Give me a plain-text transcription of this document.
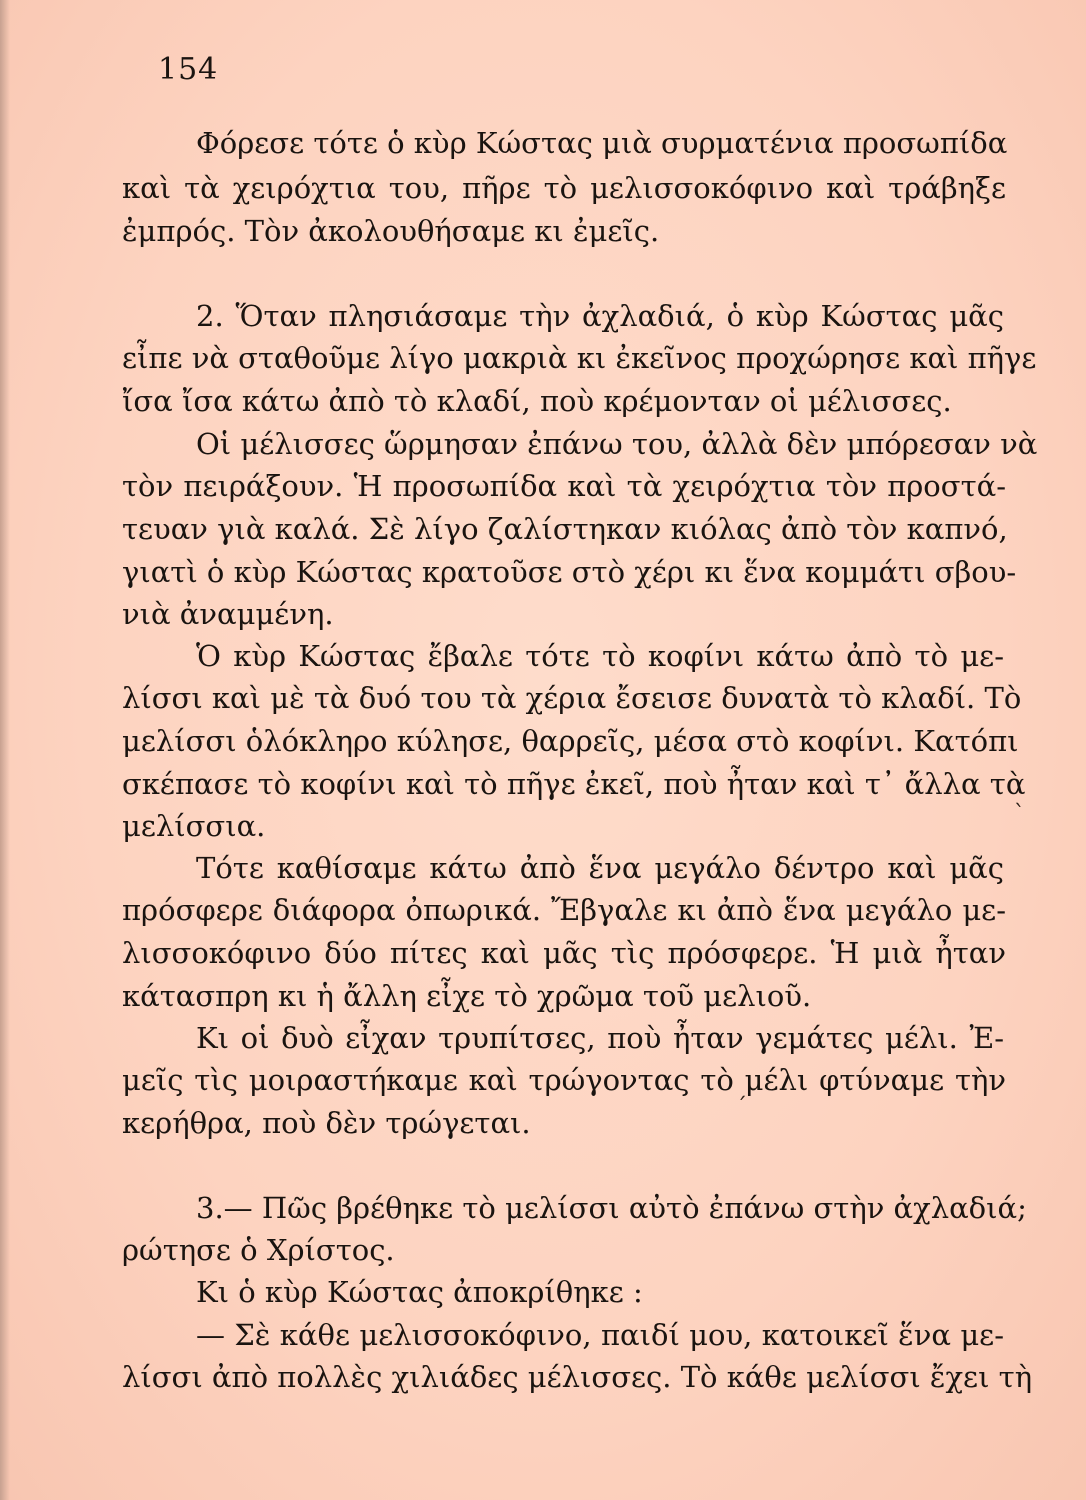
154
Φόρεσε τότε ὁ κὺρ Κώστας μιὰ συρματένια προσωπίδα
καὶ τὰ χειρόχτια του, πῆρε τὸ μελισσοκόφινο καὶ τράβηξε
ἐμπρός. Τὸν ἀκολουθήσαμε κι ἐμεῖς.
2. Ὅταν πλησιάσαμε τὴν ἀχλαδιά, ὁ κὺρ Κώστας μᾶς
εἶπε νὰ σταθοῦμε λίγο μακριὰ κι ἐκεῖνος προχώρησε καὶ πῆγε
ἴσα ἴσα κάτω ἀπὸ τὸ κλαδί, ποὺ κρέμονταν οἱ μέλισσες.
Οἱ μέλισσες ὥρμησαν ἐπάνω του, ἀλλὰ δὲν μπόρεσαν νὰ
τὸν πειράξουν. Ἡ προσωπίδα καὶ τὰ χειρόχτια τὸν προστά-
τευαν γιὰ καλά. Σὲ λίγο ζαλίστηκαν κιόλας ἀπὸ τὸν καπνό,
γιατὶ ὁ κὺρ Κώστας κρατοῦσε στὸ χέρι κι ἕνα κομμάτι σβου-
νιὰ ἀναμμένη.
Ὁ κὺρ Κώστας ἔβαλε τότε τὸ κοφίνι κάτω ἀπὸ τὸ με-
λίσσι καὶ μὲ τὰ δυό του τὰ χέρια ἔσεισε δυνατὰ τὸ κλαδί. Τὸ
μελίσσι ὁλόκληρο κύλησε, θαρρεῖς, μέσα στὸ κοφίνι. Κατόπι
σκέπασε τὸ κοφίνι καὶ τὸ πῆγε ἐκεῖ, ποὺ ἦταν καὶ τ᾿ ἄλλα τὰ
μελίσσια.
Τότε καθίσαμε κάτω ἀπὸ ἕνα μεγάλο δέντρο καὶ μᾶς
πρόσφερε διάφορα ὀπωρικά. Ἔβγαλε κι ἀπὸ ἕνα μεγάλο με-
λισσοκόφινο δύο πίτες καὶ μᾶς τὶς πρόσφερε. Ἡ μιὰ ἦταν
κάτασπρη κι ἡ ἄλλη εἶχε τὸ χρῶμα τοῦ μελιοῦ.
Κι οἱ δυὸ εἶχαν τρυπίτσες, ποὺ ἦταν γεμάτες μέλι. Ἐ-
μεῖς τὶς μοιραστήκαμε καὶ τρώγοντας τὸ μέλι φτύναμε τὴν
κερήθρα, ποὺ δὲν τρώγεται.
3.— Πῶς βρέθηκε τὸ μελίσσι αὐτὸ ἐπάνω στὴν ἀχλαδιά;
ρώτησε ὁ Χρίστος.
Κι ὁ κὺρ Κώστας ἀποκρίθηκε :
— Σὲ κάθε μελισσοκόφινο, παιδί μου, κατοικεῖ ἕνα με-
λίσσι ἀπὸ πολλὲς χιλιάδες μέλισσες. Τὸ κάθε μελίσσι ἔχει τὴ
ˋ
ˊ
